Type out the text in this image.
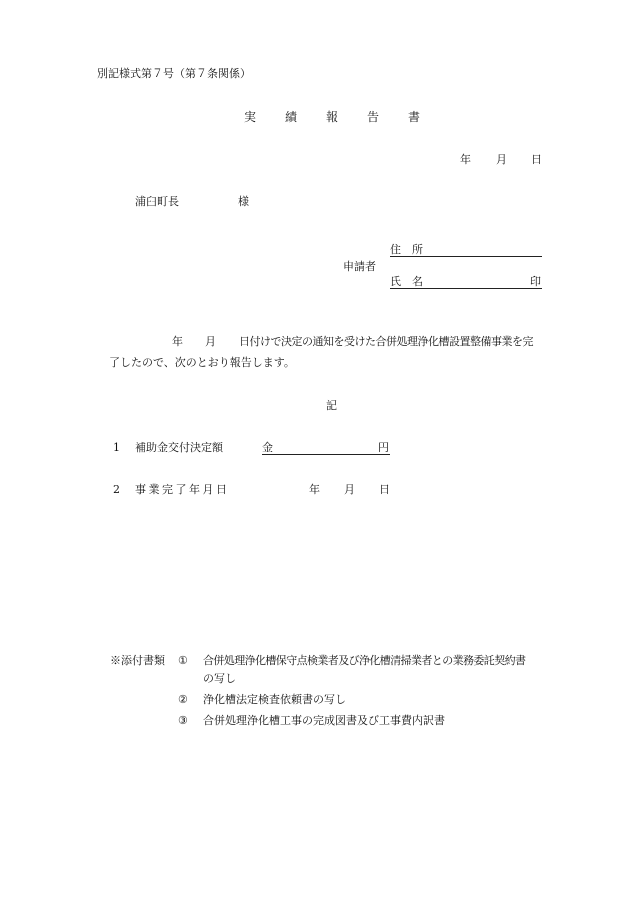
別記様式第７号（第７条関係）
実 績 報 告 書
年 月 日
浦臼町長	様
申請者
住　所
氏　名	印
年 月 日付けで決定の通知を受けた合併処理浄化槽設置整備事業を完
了したので、次のとおり報告します。
記
1 補助金交付決定額	金	円
2 事業完了年月日	年 月 日
※添付書類 ① 合併処理浄化槽保守点検業者及び浄化槽清掃業者との業務委託契約書
の写し
② 浄化槽法定検査依頼書の写し
③ 合併処理浄化槽工事の完成図書及び工事費内訳書
